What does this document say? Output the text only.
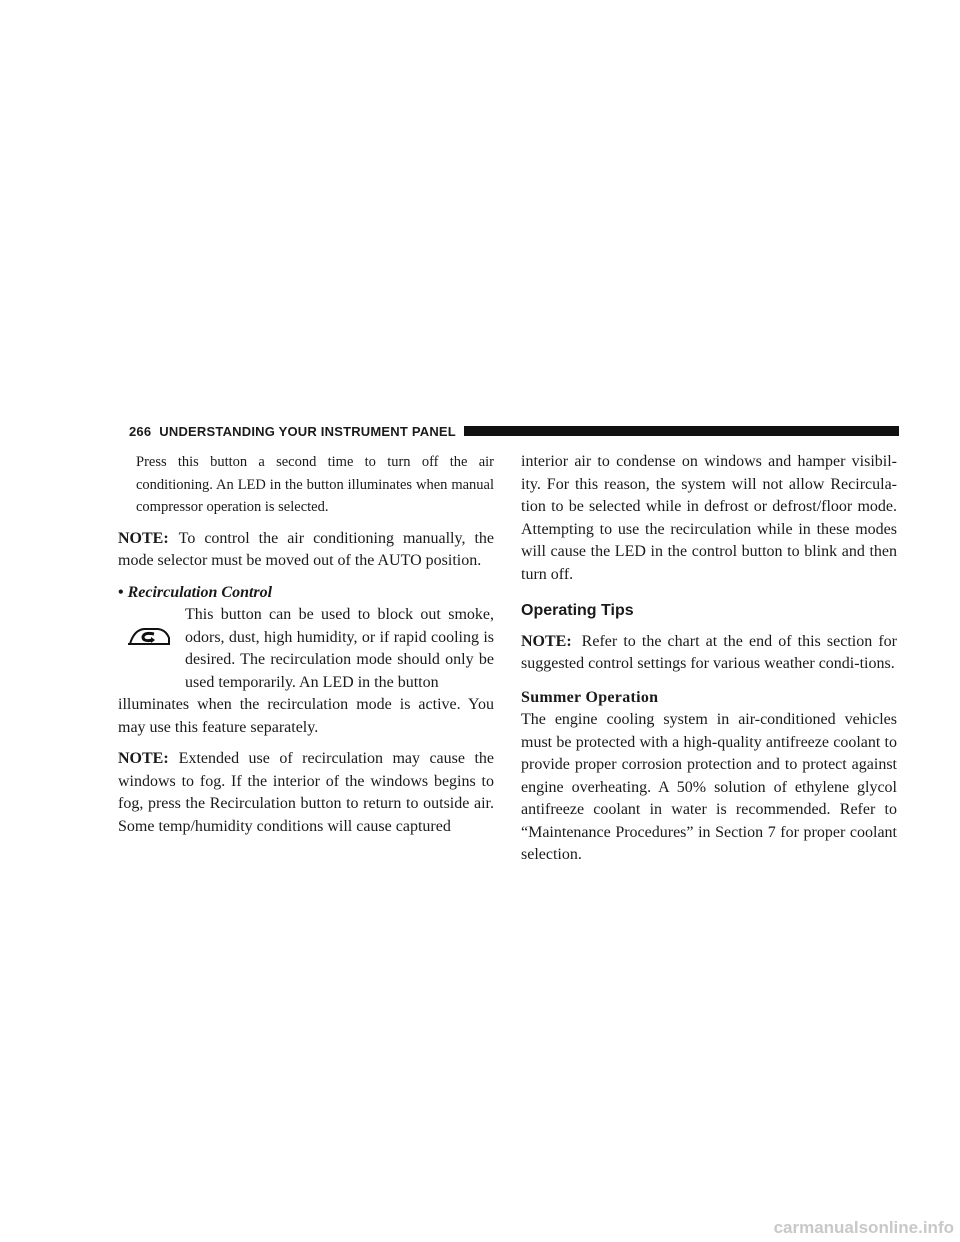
266 UNDERSTANDING YOUR INSTRUMENT PANEL

Press this button a second time to turn off the air conditioning. An LED in the button illuminates when manual compressor operation is selected.

NOTE: To control the air conditioning manually, the mode selector must be moved out of the AUTO position.

• Recirculation Control

This button can be used to block out smoke, odors, dust, high humidity, or if rapid cooling is desired. The recirculation mode should only be used temporarily. An LED in the button

illuminates when the recirculation mode is active. You may use this feature separately.

NOTE: Extended use of recirculation may cause the windows to fog. If the interior of the windows begins to fog, press the Recirculation button to return to outside air. Some temp/humidity conditions will cause captured

interior air to condense on windows and hamper visibil-ity. For this reason, the system will not allow Recircula-tion to be selected while in defrost or defrost/floor mode. Attempting to use the recirculation while in these modes will cause the LED in the control button to blink and then turn off.

Operating Tips

NOTE: Refer to the chart at the end of this section for suggested control settings for various weather condi-tions.

Summer Operation

The engine cooling system in air-conditioned vehicles must be protected with a high-quality antifreeze coolant to provide proper corrosion protection and to protect against engine overheating. A 50% solution of ethylene glycol antifreeze coolant in water is recommended. Refer to “Maintenance Procedures” in Section 7 for proper coolant selection.

carmanualsonline.info
